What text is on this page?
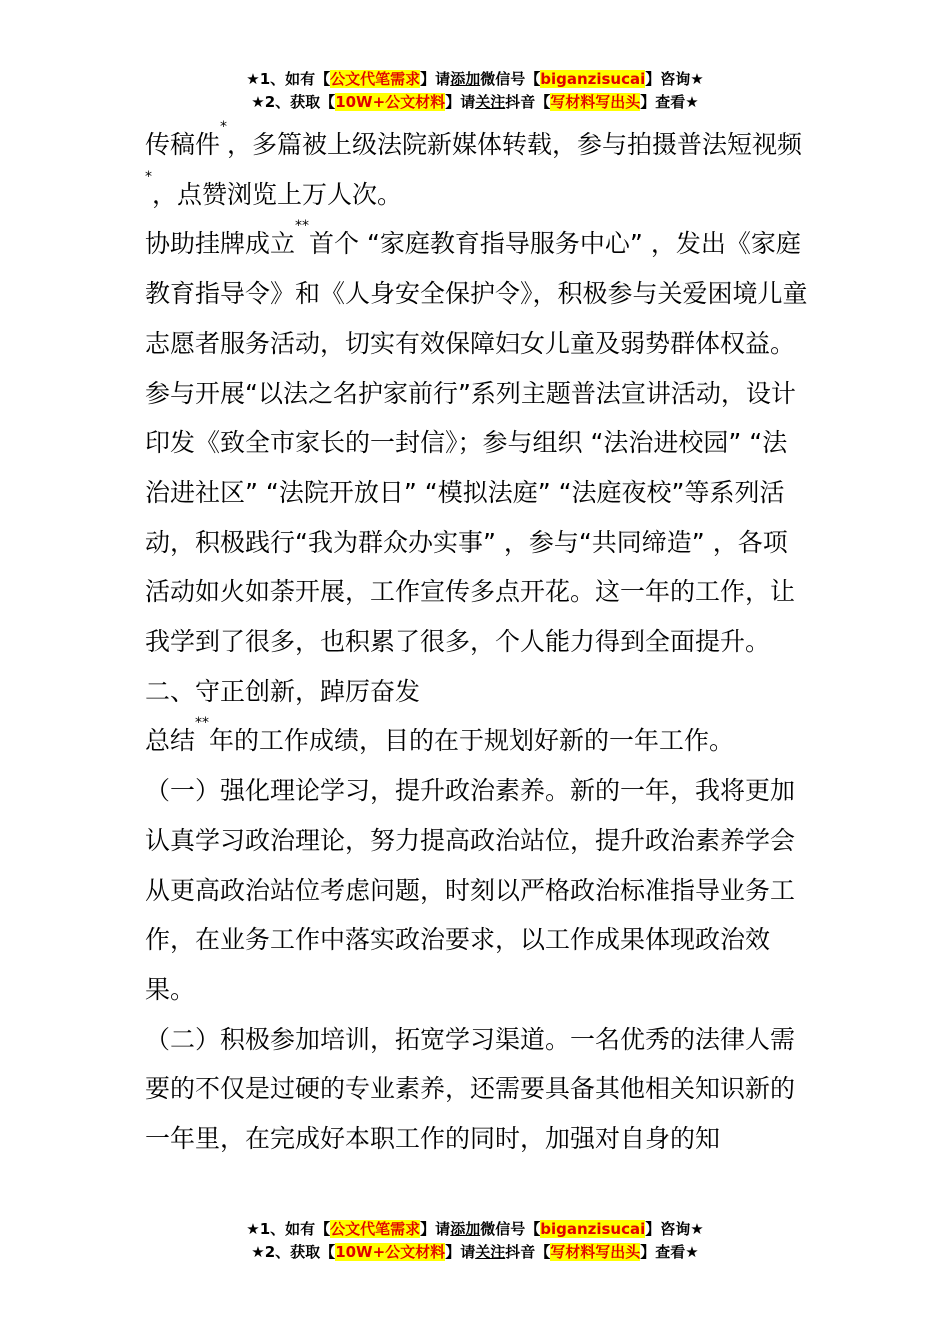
★1、如有【公文代笔需求】请添加微信号【biganzisucai】咨询★
★2、获取【10W+公文材料】请关注抖音【写材料写出头】查看★

传稿件*，多篇被上级法院新媒体转载，参与拍摄普法短视频*，点赞浏览上万人次。

协助挂牌成立**首个 “家庭教育指导服务中心” ，发出《家庭教育指导令》和《人身安全保护令》，积极参与关爱困境儿童志愿者服务活动，切实有效保障妇女儿童及弱势群体权益。参与开展“以法之名护家前行”系列主题普法宣讲活动，设计印发《致全市家长的一封信》；参与组织 “法治进校园” “法治进社区” “法院开放日” “模拟法庭” “法庭夜校”等系列活动，积极践行“我为群众办实事” ，参与“共同缔造” ，各项活动如火如荼开展，工作宣传多点开花。这一年的工作，让我学到了很多，也积累了很多，个人能力得到全面提升。

二、守正创新，踔厉奋发

总结**年的工作成绩，目的在于规划好新的一年工作。

（一）强化理论学习，提升政治素养。新的一年，我将更加认真学习政治理论，努力提高政治站位，提升政治素养学会从更高政治站位考虑问题，时刻以严格政治标准指导业务工作，在业务工作中落实政治要求，以工作成果体现政治效果。

（二）积极参加培训，拓宽学习渠道。一名优秀的法律人需要的不仅是过硬的专业素养，还需要具备其他相关知识新的一年里，在完成好本职工作的同时，加强对自身的知

★1、如有【公文代笔需求】请添加微信号【biganzisucai】咨询★
★2、获取【10W+公文材料】请关注抖音【写材料写出头】查看★
